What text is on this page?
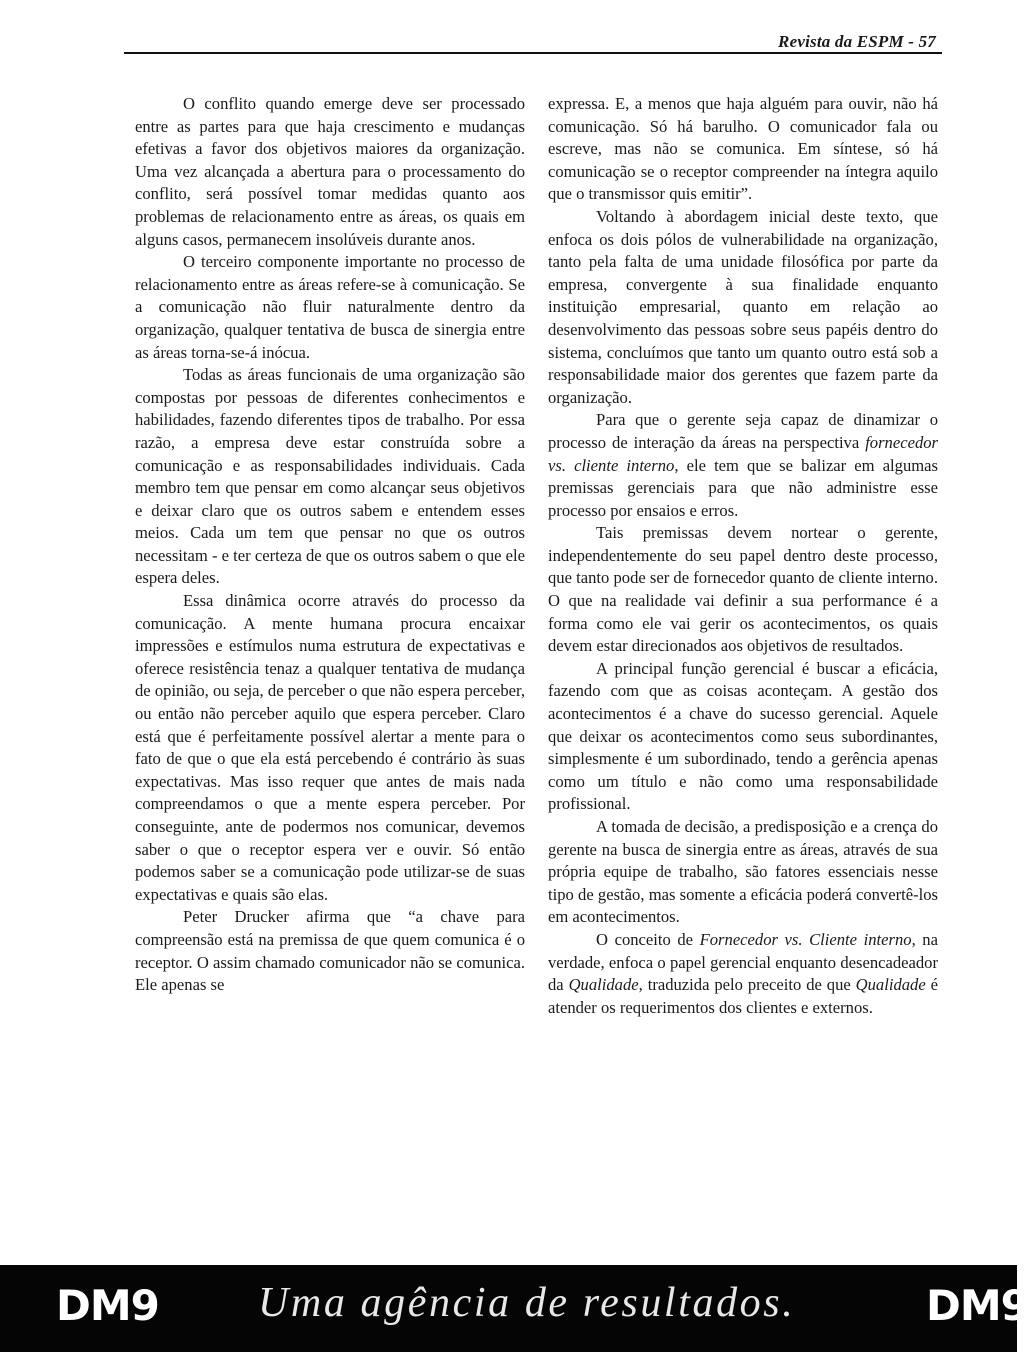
Revista da ESPM - 57

O conflito quando emerge deve ser processado entre as partes para que haja crescimento e mudanças efetivas a favor dos objetivos maiores da organização. Uma vez alcançada a abertura para o processamento do conflito, será possível tomar medidas quanto aos problemas de relacionamento entre as áreas, os quais em alguns casos, permanecem insolúveis durante anos.

O terceiro componente importante no processo de relacionamento entre as áreas refere-se à comunicação. Se a comunicação não fluir naturalmente dentro da organização, qualquer tentativa de busca de sinergia entre as áreas torna-se-á inócua.

Todas as áreas funcionais de uma organização são compostas por pessoas de diferentes conhecimentos e habilidades, fazendo diferentes tipos de trabalho. Por essa razão, a empresa deve estar construída sobre a comunicação e as responsabilidades individuais. Cada membro tem que pensar em como alcançar seus objetivos e deixar claro que os outros sabem e entendem esses meios. Cada um tem que pensar no que os outros necessitam - e ter certeza de que os outros sabem o que ele espera deles.

Essa dinâmica ocorre através do processo da comunicação. A mente humana procura encaixar impressões e estímulos numa estrutura de expectativas e oferece resistência tenaz a qualquer tentativa de mudança de opinião, ou seja, de perceber o que não espera perceber, ou então não perceber aquilo que espera perceber. Claro está que é perfeitamente possível alertar a mente para o fato de que o que ela está percebendo é contrário às suas expectativas. Mas isso requer que antes de mais nada compreendamos o que a mente espera perceber. Por conseguinte, ante de podermos nos comunicar, devemos saber o que o receptor espera ver e ouvir. Só então podemos saber se a comunicação pode utilizar-se de suas expectativas e quais são elas.

Peter Drucker afirma que “a chave para compreensão está na premissa de que quem comunica é o receptor. O assim chamado comunicador não se comunica. Ele apenas se

expressa. E, a menos que haja alguém para ouvir, não há comunicação. Só há barulho. O comunicador fala ou escreve, mas não se comunica. Em síntese, só há comunicação se o receptor compreender na íntegra aquilo que o transmissor quis emitir”.

Voltando à abordagem inicial deste texto, que enfoca os dois pólos de vulnerabilidade na organização, tanto pela falta de uma unidade filosófica por parte da empresa, convergente à sua finalidade enquanto instituição empresarial, quanto em relação ao desenvolvimento das pessoas sobre seus papéis dentro do sistema, concluímos que tanto um quanto outro está sob a responsabilidade maior dos gerentes que fazem parte da organização.

Para que o gerente seja capaz de dinamizar o processo de interação da áreas na perspectiva fornecedor vs. cliente interno, ele tem que se balizar em algumas premissas gerenciais para que não administre esse processo por ensaios e erros.

Tais premissas devem nortear o gerente, independentemente do seu papel dentro deste processo, que tanto pode ser de fornecedor quanto de cliente interno. O que na realidade vai definir a sua performance é a forma como ele vai gerir os acontecimentos, os quais devem estar direcionados aos objetivos de resultados.

A principal função gerencial é buscar a eficácia, fazendo com que as coisas aconteçam. A gestão dos acontecimentos é a chave do sucesso gerencial. Aquele que deixar os acontecimentos como seus subordinantes, simplesmente é um subordinado, tendo a gerência apenas como um título e não como uma responsabilidade profissional.

A tomada de decisão, a predisposição e a crença do gerente na busca de sinergia entre as áreas, através de sua própria equipe de trabalho, são fatores essenciais nesse tipo de gestão, mas somente a eficácia poderá convertê-los em acontecimentos.

O conceito de Fornecedor vs. Cliente interno, na verdade, enfoca o papel gerencial enquanto desencadeador da Qualidade, traduzida pelo preceito de que Qualidade é atender os requerimentos dos clientes e externos.

DM9 Uma agência de resultados.	DM9
